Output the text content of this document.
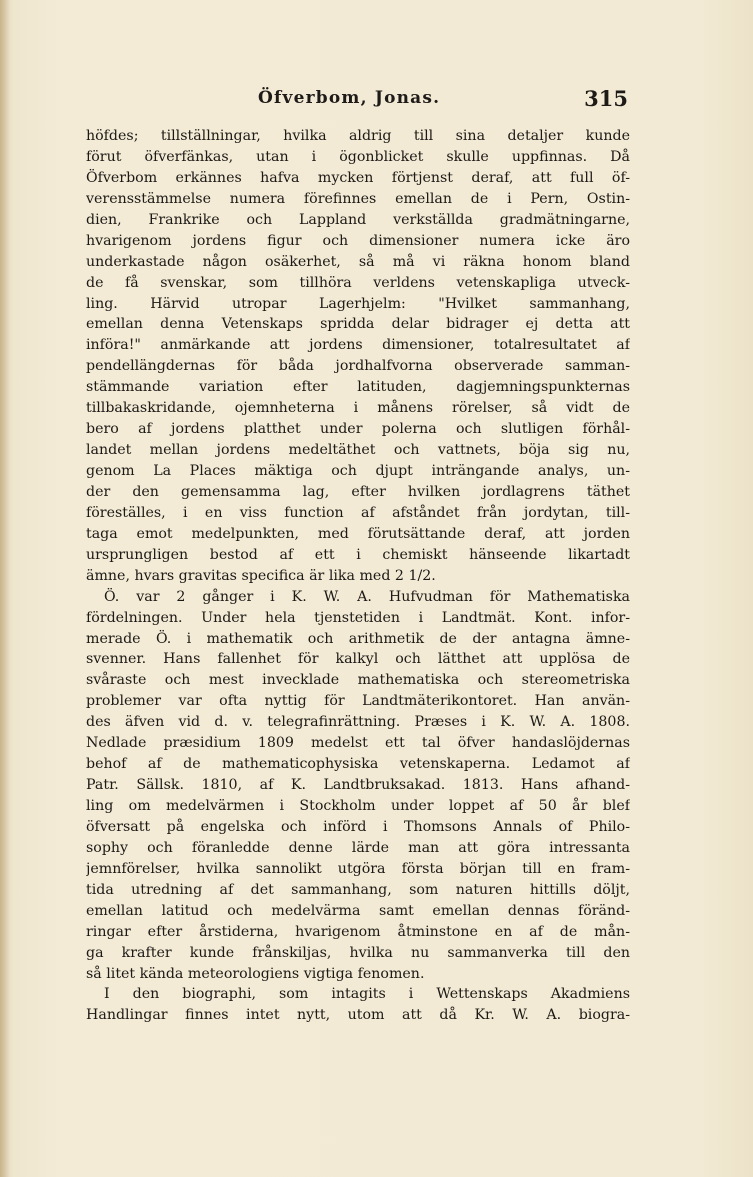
Öfverbom, Jonas.	315
höfdes; tillställningar, hvilka aldrig till sina detaljer kunde
förut öfverfänkas, utan i ögonblicket skulle uppfinnas. Då
Öfverbom erkännes hafva mycken förtjenst deraf, att full öf-
verensstämmelse numera förefinnes emellan de i Pern, Ostin-
dien, Frankrike och Lappland verkställda gradmätningarne,
hvarigenom jordens figur och dimensioner numera icke äro
underkastade någon osäkerhet, så må vi räkna honom bland
de få svenskar, som tillhöra verldens vetenskapliga utveck-
ling. Härvid utropar Lagerhjelm: "Hvilket sammanhang,
emellan denna Vetenskaps spridda delar bidrager ej detta att
införa!" anmärkande att jordens dimensioner, totalresultatet af
pendellängdernas för båda jordhalfvorna observerade samman-
stämmande variation efter latituden, dagjemningspunkternas
tillbakaskridande, ojemnheterna i månens rörelser, så vidt de
bero af jordens platthet under polerna och slutligen förhål-
landet mellan jordens medeltäthet och vattnets, böja sig nu,
genom La Places mäktiga och djupt inträngande analys, un-
der den gemensamma lag, efter hvilken jordlagrens täthet
föreställes, i en viss function af afståndet från jordytan, till-
taga emot medelpunkten, med förutsättande deraf, att jorden
ursprungligen bestod af ett i chemiskt hänseende likartadt
ämne, hvars gravitas specifica är lika med 2 1/2.
Ö. var 2 gånger i K. W. A. Hufvudman för Mathematiska
fördelningen. Under hela tjenstetiden i Landtmät. Kont. infor-
merade Ö. i mathematik och arithmetik de der antagna ämne-
svenner. Hans fallenhet för kalkyl och lätthet att upplösa de
svåraste och mest invecklade mathematiska och stereometriska
problemer var ofta nyttig för Landtmäterikontoret. Han använ-
des äfven vid d. v. telegrafinrättning. Præses i K. W. A. 1808.
Nedlade præsidium 1809 medelst ett tal öfver handaslöjdernas
behof af de mathematicophysiska vetenskaperna. Ledamot af
Patr. Sällsk. 1810, af K. Landtbruksakad. 1813. Hans afhand-
ling om medelvärmen i Stockholm under loppet af 50 år blef
öfversatt på engelska och införd i Thomsons Annals of Philo-
sophy och föranledde denne lärde man att göra intressanta
jemnförelser, hvilka sannolikt utgöra första början till en fram-
tida utredning af det sammanhang, som naturen hittills döljt,
emellan latitud och medelvärma samt emellan dennas föränd-
ringar efter årstiderna, hvarigenom åtminstone en af de mån-
ga krafter kunde frånskiljas, hvilka nu sammanverka till den
så litet kända meteorologiens vigtiga fenomen.
I den biographi, som intagits i Wettenskaps Akadmiens
Handlingar finnes intet nytt, utom att då Kr. W. A. biogra-
